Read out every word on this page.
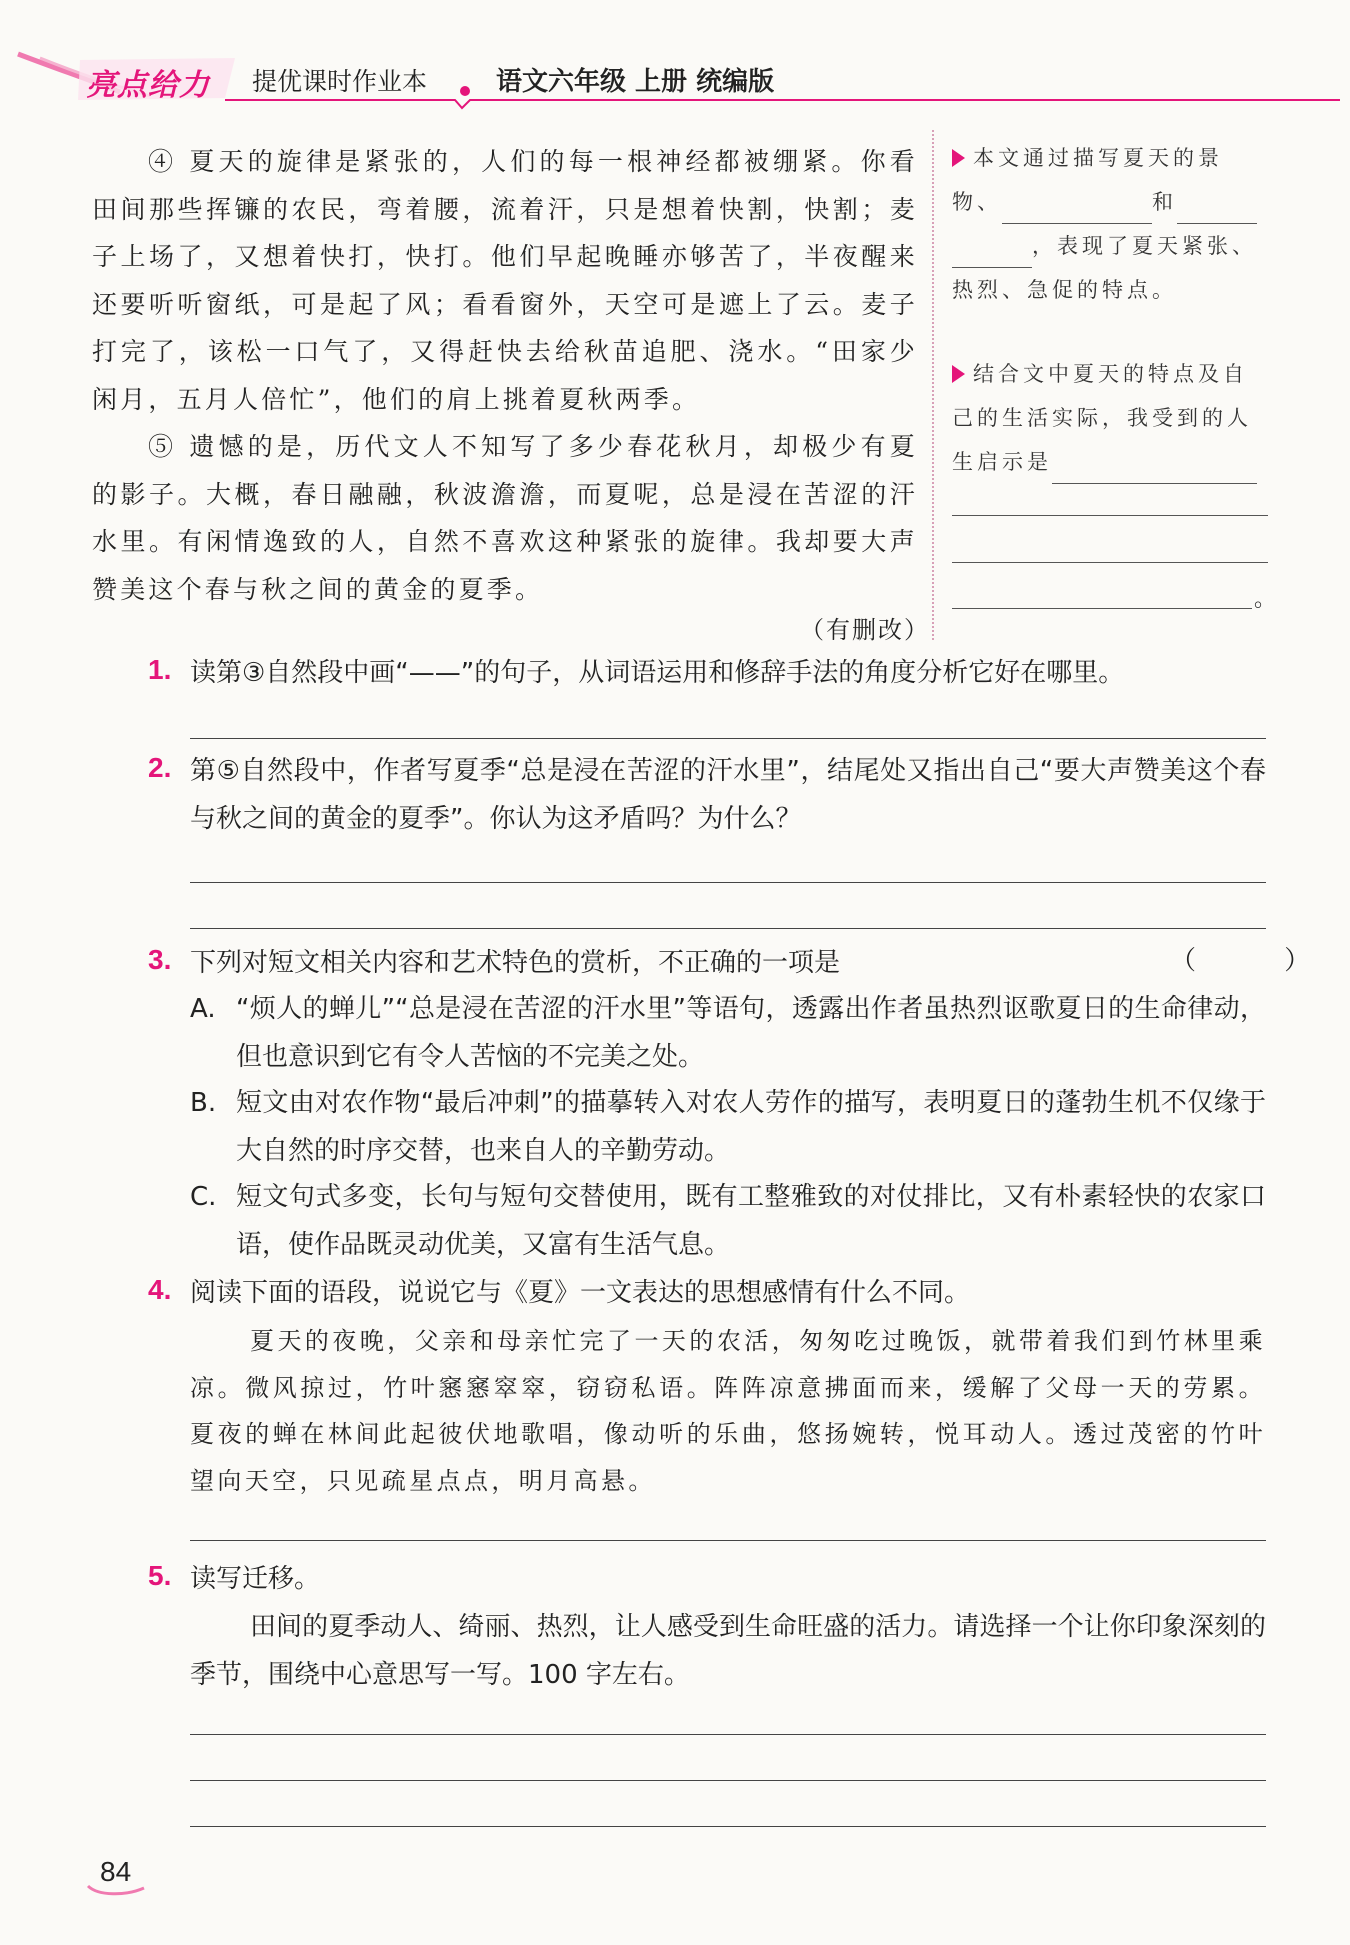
亮点给力 提优课时作业本	语文六年级 上册 统编版

④ 夏天的旋律是紧张的，人们的每一根神经都被绷紧。你看田间那些挥镰的农民，弯着腰，流着汗，只是想着快割，快割；麦子上场了，又想着快打，快打。他们早起晚睡亦够苦了，半夜醒来还要听听窗纸，可是起了风；看看窗外，天空可是遮上了云。麦子打完了，该松一口气了，又得赶快去给秋苗追肥、浇水。“田家少闲月，五月人倍忙”，他们的肩上挑着夏秋两季。

⑤ 遗憾的是，历代文人不知写了多少春花秋月，却极少有夏的影子。大概，春日融融，秋波澹澹，而夏呢，总是浸在苦涩的汗水里。有闲情逸致的人，自然不喜欢这种紧张的旋律。我却要大声赞美这个春与秋之间的黄金的夏季。

（有删改）
本文通过描写夏天的景物、	和
，表现了夏天紧张、热烈、急促的特点。
结合文中夏天的特点及自己的生活实际，我受到的人生启示是
。
1. 读第③自然段中画“——”的句子，从词语运用和修辞手法的角度分析它好在哪里。
2. 第⑤自然段中，作者写夏季“总是浸在苦涩的汗水里”，结尾处又指出自己“要大声赞美这个春与秋之间的黄金的夏季”。你认为这矛盾吗？为什么？
3. 下列对短文相关内容和艺术特色的赏析，不正确的一项是	（ ）
A. “烦人的蝉儿”“总是浸在苦涩的汗水里”等语句，透露出作者虽热烈讴歌夏日的生命律动，但也意识到它有令人苦恼的不完美之处。
B. 短文由对农作物“最后冲刺”的描摹转入对农人劳作的描写，表明夏日的蓬勃生机不仅缘于大自然的时序交替，也来自人的辛勤劳动。
C. 短文句式多变，长句与短句交替使用，既有工整雅致的对仗排比，又有朴素轻快的农家口语，使作品既灵动优美，又富有生活气息。
4. 阅读下面的语段，说说它与《夏》一文表达的思想感情有什么不同。
夏天的夜晚，父亲和母亲忙完了一天的农活，匆匆吃过晚饭，就带着我们到竹林里乘凉。微风掠过，竹叶窸窸窣窣，窃窃私语。阵阵凉意拂面而来，缓解了父母一天的劳累。夏夜的蝉在林间此起彼伏地歌唱，像动听的乐曲，悠扬婉转，悦耳动人。透过茂密的竹叶望向天空，只见疏星点点，明月高悬。
5. 读写迁移。
田间的夏季动人、绮丽、热烈，让人感受到生命旺盛的活力。请选择一个让你印象深刻的季节，围绕中心意思写一写。100 字左右。
84
